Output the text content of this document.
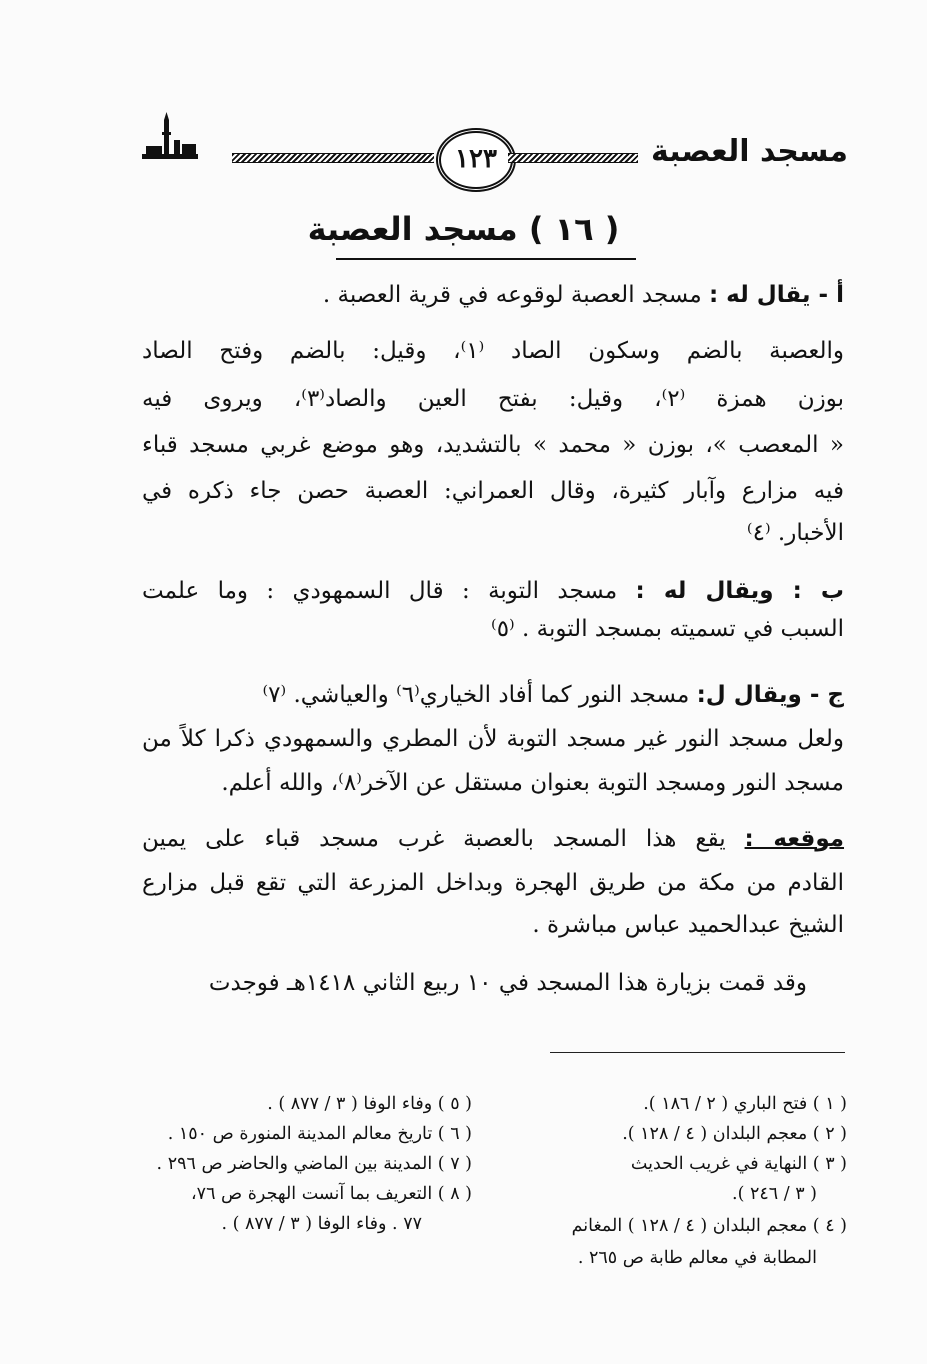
١٢٣	مسجد العصبة
( ١٦ ) مسجد العصبة
أ - يقال له : مسجد العصبة لوقوعه في قرية العصبة .
والعصبة بالضم وسكون الصاد ⁽١⁾، وقيل: بالضم وفتح الصاد
بوزن همزة ⁽٢⁾، وقيل: بفتح العين والصاد⁽٣⁾، ويروى فيه
« المعصب »، بوزن « محمد » بالتشديد، وهو موضع غربي مسجد قباء
فيه مزارع وآبار كثيرة، وقال العمراني: العصبة حصن جاء ذكره في
الأخبار. ⁽٤⁾
ب : ويقال له : مسجد التوبة : قال السمهودي : وما علمت
السبب في تسميته بمسجد التوبة . ⁽٥⁾
ج - ويقال ل: مسجد النور كما أفاد الخياري⁽٦⁾ والعياشي. ⁽٧⁾
ولعل مسجد النور غير مسجد التوبة لأن المطري والسمهودي ذكرا كلاً من
مسجد النور ومسجد التوبة بعنوان مستقل عن الآخر⁽٨⁾، والله أعلم.
موقعه : يقع هذا المسجد بالعصبة غرب مسجد قباء على يمين
القادم من مكة من طريق الهجرة وبداخل المزرعة التي تقع قبل مزارع
الشيخ عبدالحميد عباس مباشرة .
وقد قمت بزيارة هذا المسجد في ١٠ ربيع الثاني ١٤١٨هـ فوجدت
( ١ ) فتح الباري ( ٢ / ١٨٦ ).
( ٢ ) معجم البلدان ( ٤ / ١٢٨ ).
( ٣ ) النهاية في غريب الحديث
( ٣ / ٢٤٦ ).
( ٤ ) معجم البلدان ( ٤ / ١٢٨ ) المغانم
المطابة في معالم طابة ص ٢٦٥ .
( ٥ ) وفاء الوفا ( ٣ / ٨٧٧ ) .
( ٦ ) تاريخ معالم المدينة المنورة ص ١٥٠ .
( ٧ ) المدينة بين الماضي والحاضر ص ٢٩٦ .
( ٨ ) التعريف بما آنست الهجرة ص ٧٦،
٧٧ . وفاء الوفا ( ٣ / ٨٧٧ ) .
